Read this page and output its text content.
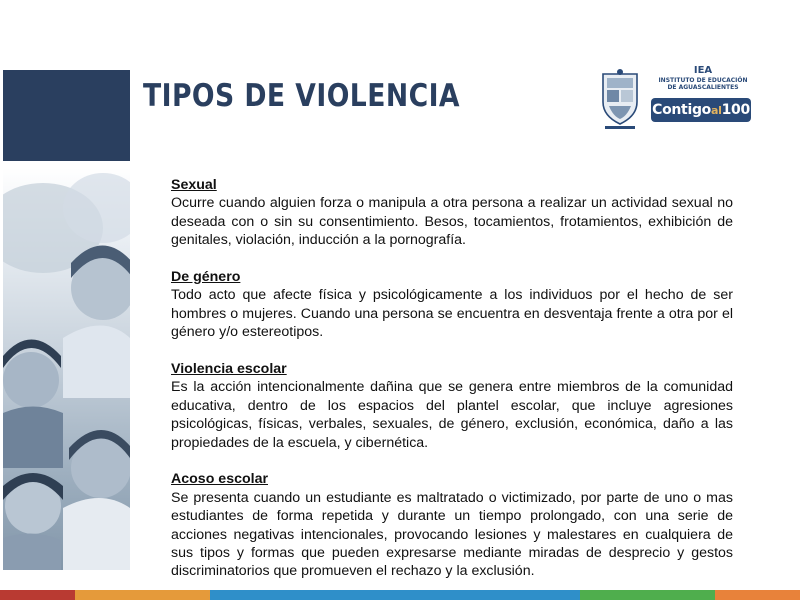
TIPOS DE VIOLENCIA
IEA
INSTITUTO DE EDUCACIÓN DE AGUASCALIENTES
Contigoal100
Sexual
Ocurre cuando alguien forza o manipula a otra persona a realizar un actividad sexual no deseada con o sin su consentimiento. Besos, tocamientos, frotamientos, exhibición de genitales, violación, inducción a la pornografía.
De género
Todo acto que afecte física y psicológicamente a los individuos por el hecho de ser hombres o mujeres. Cuando una persona se encuentra en desventaja frente a otra por el género y/o estereotipos.
Violencia escolar
Es la acción intencionalmente dañina que se genera entre miembros de la comunidad educativa, dentro de los espacios del plantel escolar, que incluye agresiones psicológicas, físicas, verbales, sexuales, de género, exclusión, económica, daño a las propiedades de la escuela, y cibernética.
Acoso escolar
Se presenta cuando un estudiante es maltratado o victimizado, por parte de uno o mas estudiantes de forma repetida y durante un tiempo prolongado, con una serie de acciones negativas intencionales, provocando lesiones y malestares en cualquiera de sus tipos y formas que pueden expresarse mediante miradas de desprecio y gestos discriminatorios que promueven el rechazo y la exclusión.
